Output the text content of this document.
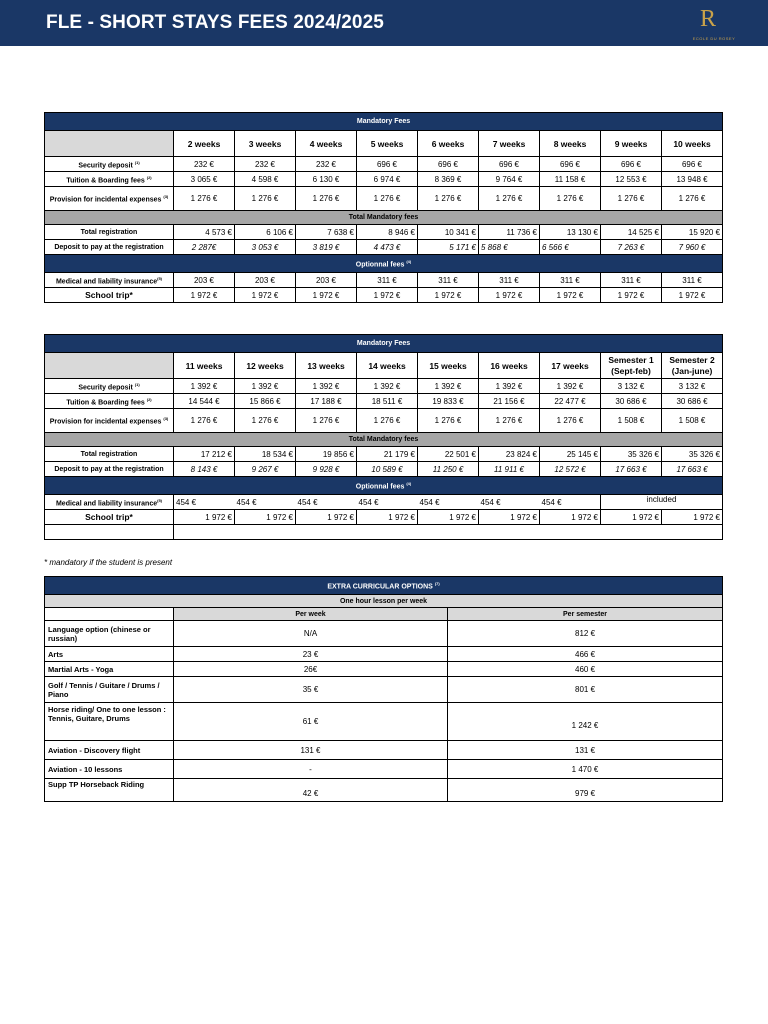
FLE - SHORT STAYS FEES 2024/2025	R
ECOLE DU ROSEY
Mandatory Fees									
	2 weeks	3 weeks	4 weeks	5 weeks	6 weeks	7 weeks	8 weeks	9 weeks	10 weeks
Security deposit $^{(1)}$	232 €	232 €	232 €	696 €	696 €	696 €	696 €	696 €	696 €
Tuition & Boarding fees $^{(2)}$	3 065 €	4 598 €	6 130 €	6 974 €	8 369 €	9 764 €	11 158 €	12 553 €	13 948 €
Provision for incidental expenses $^{(3)}$	1 276 €	1 276 €	1 276 €	1 276 €	1 276 €	1 276 €	1 276 €	1 276 €	1 276 €
Total Mandatory fees									
Total registration	4 573 €	6 106 €	7 638 €	8 946 €	10 341 €	11 736 €	13 130 €	14 525 €	15 920 €
Deposit to pay at the registration	2 287€	3 053 €	3 819 €	4 473 €	5 171 €	5 868 €	6 566 €	7 263 €	7 960 €
Optionnal fees $^{(4)}$
Medical and liability insurance$^{(5)}$	203 €	203 €	203 €	311 €	311 €	311 €	311 €	311 €	311 €
School trip*	1 972 €	1 972 €	1 972 €	1 972 €	1 972 €	1 972 €	1 972 €	1 972 €	1 972 €
Mandatory Fees									
	11 weeks	12 weeks	13 weeks	14 weeks	15 weeks	16 weeks	17 weeks	Semester 1 (Sept-feb)	Semester 2 (Jan-june)
Security deposit $^{(1)}$	1 392 €	1 392 €	1 392 €	1 392 €	1 392 €	1 392 €	1 392 €	3 132 €	3 132 €
Tuition & Boarding fees $^{(2)}$	14 544 €	15 866 €	17 188 €	18 511 €	19 833 €	21 156 €	22 477 €	30 686 €	30 686 €
Provision for incidental expenses $^{(3)}$	1 276 €	1 276 €	1 276 €	1 276 €	1 276 €	1 276 €	1 276 €	1 508 €	1 508 €
Total Mandatory fees									
Total registration	17 212 €	18 534 €	19 856 €	21 179 €	22 501 €	23 824 €	25 145 €	35 326 €	35 326 €
Deposit to pay at the registration	8 143 €	9 267 €	9 928 €	10 589 €	11 250 €	11 911 €	12 572 €	17 663 €	17 663 €
Optionnal fees $^{(4)}$
Medical and liability insurance$^{(5)}$	454 €	454 €	454 €	454 €	454 €	454 €	454 €	included	
School trip*	1 972 €	1 972 €	1 972 €	1 972 €	1 972 €	1 972 €	1 972 €	1 972 €	1 972 €

* mandatory if the student is present
EXTRA CURRICULAR OPTIONS $^{(7)}$
One hour lesson per week		
	Per week	Per semester
Language option (chinese or russian)	N/A	812 €
Arts	23 €	466 €
Martial Arts - Yoga	26€	460 €
Golf / Tennis / Guitare / Drums / Piano	35 €	801 €
Horse riding/ One to one lesson : Tennis, Guitare, Drums	61 €	1 242 €
Aviation - Discovery flight	131 €	131 €
Aviation - 10 lessons	-	1 470 €
Supp TP Horseback Riding	42 €	979 €
